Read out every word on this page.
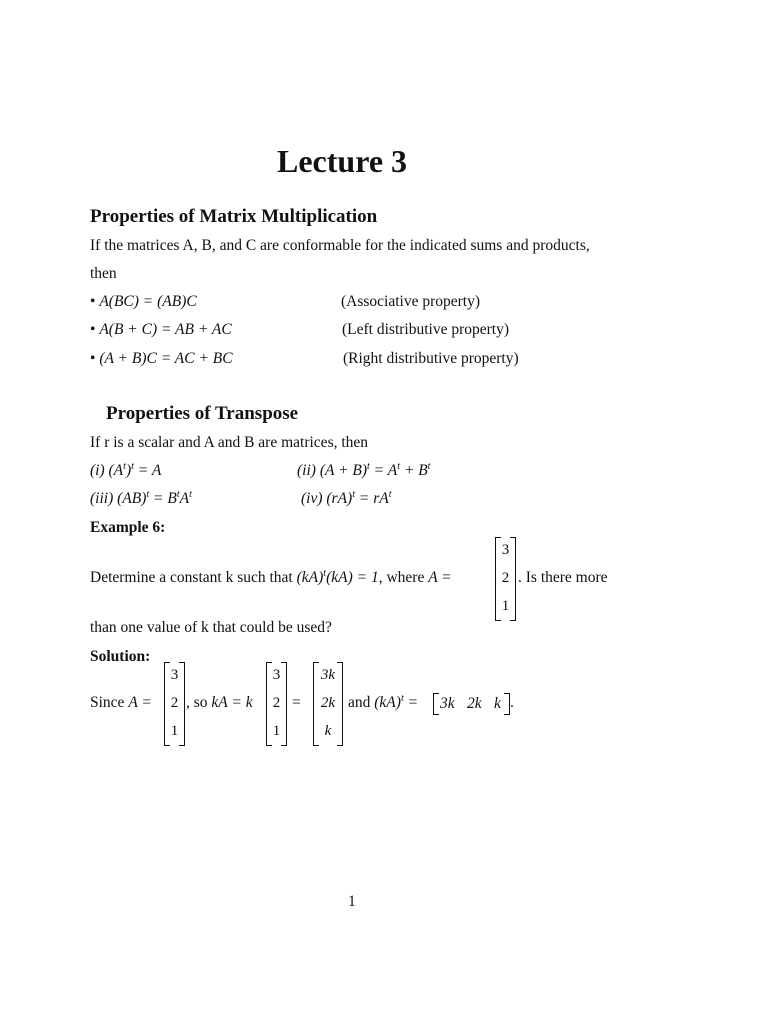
Lecture 3
Properties of Matrix Multiplication
If the matrices A, B, and C are conformable for the indicated sums and products,
then
• A(BC) = (AB)C	(Associative property)
• A(B + C) = AB + AC	(Left distributive property)
• (A + B)C = AC + BC	(Right distributive property)
Properties of Transpose
If r is a scalar and A and B are matrices, then
(i) $(A^t)^t = A$	(ii) $(A + B)^t = A^t + B^t$
(iii) $(AB)^t = B^tA^t$	(iv) $(rA)^t = rA^t$
Example 6:
Determine a constant k such that (kA)$^t$(kA) = 1, where A =
3
2
1
. Is there more
than one value of k that could be used?
Solution:
Since A =
3
2
1
, so kA = k
3
2
1
=
3k
2k
k
and (kA)$^t$ = 3k 2k k .
1
